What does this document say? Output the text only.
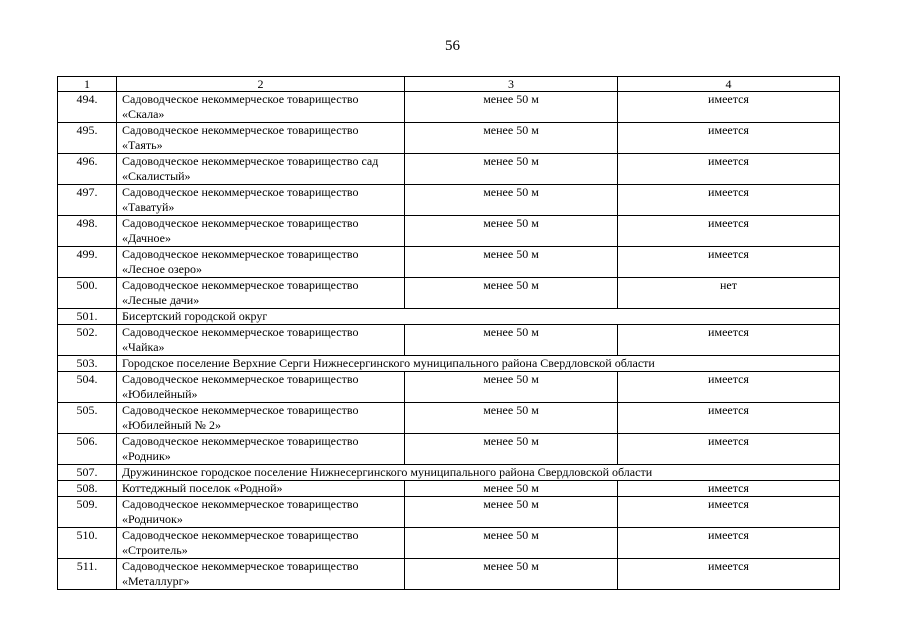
56
1	2	3	4
494.	Садоводческое некоммерческое товарищество «Скала»	менее 50 м	имеется
495.	Садоводческое некоммерческое товарищество «Таять»	менее 50 м	имеется
496.	Садоводческое некоммерческое товарищество сад «Скалистый»	менее 50 м	имеется
497.	Садоводческое некоммерческое товарищество «Таватуй»	менее 50 м	имеется
498.	Садоводческое некоммерческое товарищество «Дачное»	менее 50 м	имеется
499.	Садоводческое некоммерческое товарищество «Лесное озеро»	менее 50 м	имеется
500.	Садоводческое некоммерческое товарищество «Лесные дачи»	менее 50 м	нет
501.	Бисертский городской округ		
502.	Садоводческое некоммерческое товарищество «Чайка»	менее 50 м	имеется
503.	Городское поселение Верхние Серги Нижнесергинского муниципального района Свердловской области		
504.	Садоводческое некоммерческое товарищество «Юбилейный»	менее 50 м	имеется
505.	Садоводческое некоммерческое товарищество «Юбилейный № 2»	менее 50 м	имеется
506.	Садоводческое некоммерческое товарищество «Родник»	менее 50 м	имеется
507.	Дружининское городское поселение Нижнесергинского муниципального района Свердловской области		
508.	Коттеджный поселок «Родной»	менее 50 м	имеется
509.	Садоводческое некоммерческое товарищество «Родничок»	менее 50 м	имеется
510.	Садоводческое некоммерческое товарищество «Строитель»	менее 50 м	имеется
511.	Садоводческое некоммерческое товарищество «Металлург»	менее 50 м	имеется
